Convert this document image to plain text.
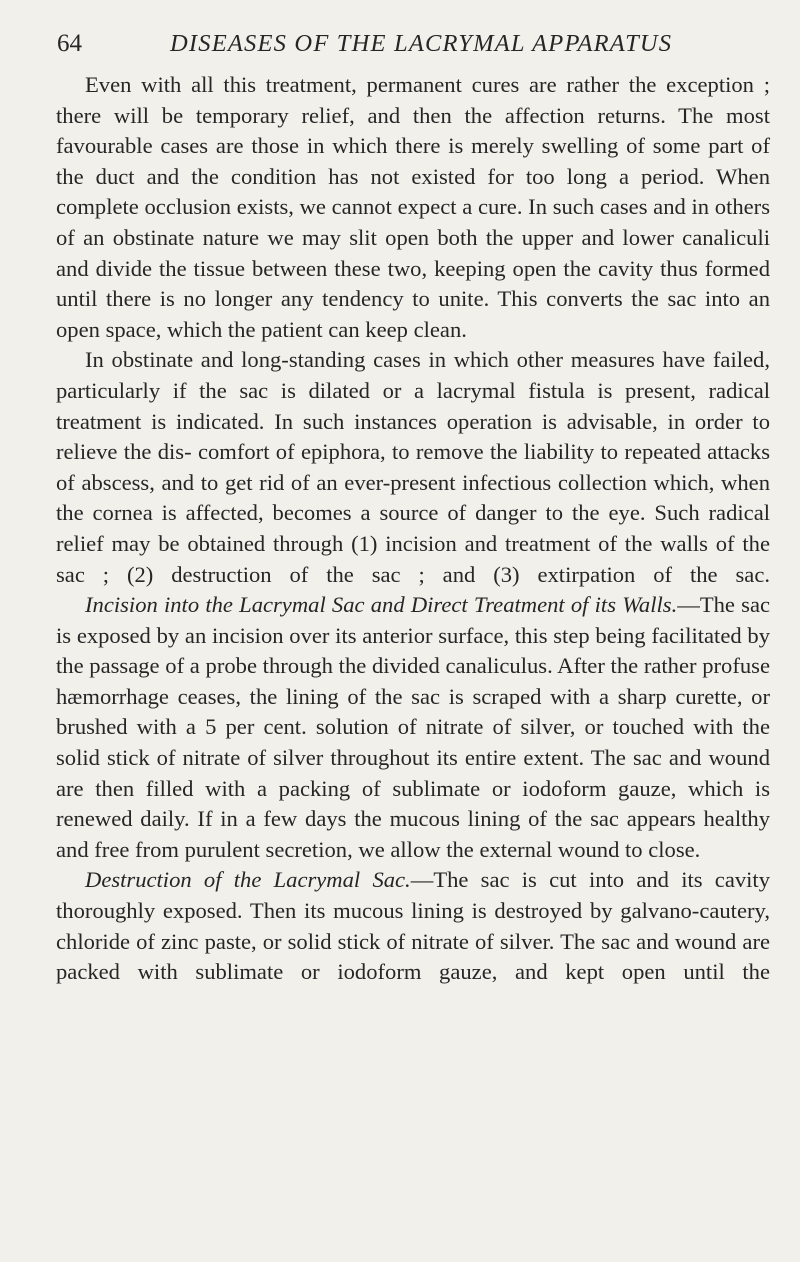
64	DISEASES OF THE LACRYMAL APPARATUS

Even with all this treatment, permanent cures are rather the exception ; there will be temporary relief, and then the affection returns. The most favourable cases are those in which there is merely swelling of some part of the duct and the condition has not existed for too long a period. When complete occlusion exists, we cannot expect a cure. In such cases and in others of an obstinate nature we may slit open both the upper and lower canaliculi and divide the tissue between these two, keeping open the cavity thus formed until there is no longer any tendency to unite. This converts the sac into an open space, which the patient can keep clean.

In obstinate and long-standing cases in which other measures have failed, particularly if the sac is dilated or a lacrymal fistula is present, radical treatment is indicated. In such instances operation is advisable, in order to relieve the dis- comfort of epiphora, to remove the liability to repeated attacks of abscess, and to get rid of an ever-present infectious collection which, when the cornea is affected, becomes a source of danger to the eye. Such radical relief may be obtained through (1) incision and treatment of the walls of the sac ; (2) destruction of the sac ; and (3) extirpation of the sac.

Incision into the Lacrymal Sac and Direct Treatment of its Walls.—The sac is exposed by an incision over its anterior surface, this step being facilitated by the passage of a probe through the divided canaliculus. After the rather profuse hæmorrhage ceases, the lining of the sac is scraped with a sharp curette, or brushed with a 5 per cent. solution of nitrate of silver, or touched with the solid stick of nitrate of silver throughout its entire extent. The sac and wound are then filled with a packing of sublimate or iodoform gauze, which is renewed daily. If in a few days the mucous lining of the sac appears healthy and free from purulent secretion, we allow the external wound to close.

Destruction of the Lacrymal Sac.—The sac is cut into and its cavity thoroughly exposed. Then its mucous lining is destroyed by galvano-cautery, chloride of zinc paste, or solid stick of nitrate of silver. The sac and wound are packed with sublimate or iodoform gauze, and kept open until the
